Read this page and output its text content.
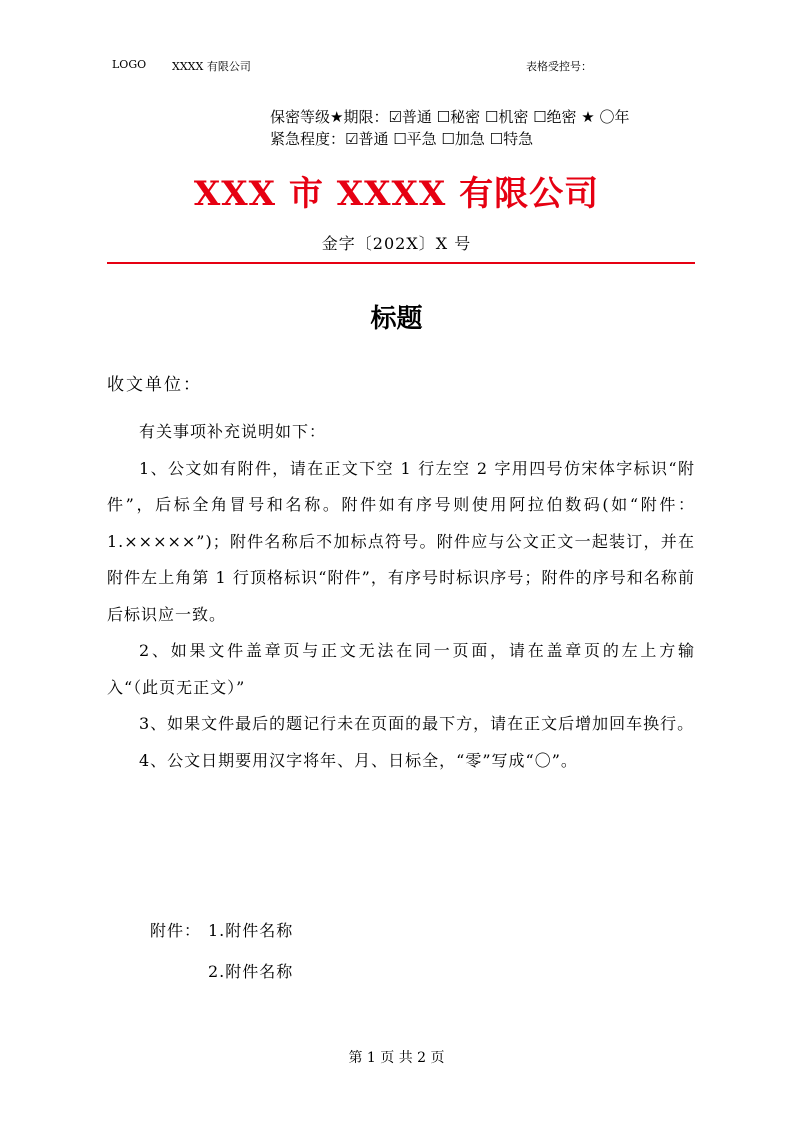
LOGO XXXX 有限公司	表格受控号：
保密等级★期限：☑普通 ☐秘密 ☐机密 ☐绝密 ★ 〇年
紧急程度：☑普通 ☐平急 ☐加急 ☐特急
XXX 市 XXXX 有限公司
金字〔202X〕X 号
标题
收文单位：

有关事项补充说明如下：

1、公文如有附件，请在正文下空 1 行左空 2 字用四号仿宋体字标识“附件”，后标全角冒号和名称。附件如有序号则使用阿拉伯数码(如“附件：1.×××××”)；附件名称后不加标点符号。附件应与公文正文一起装订，并在附件左上角第 1 行顶格标识“附件”，有序号时标识序号；附件的序号和名称前后标识应一致。

2、如果文件盖章页与正文无法在同一页面，请在盖章页的左上方输入“（此页无正文）”

3、如果文件最后的题记行未在页面的最下方，请在正文后增加回车换行。

4、公文日期要用汉字将年、月、日标全，“零”写成“〇”。

附件： 1.附件名称
2.附件名称
第 1 页 共 2 页
